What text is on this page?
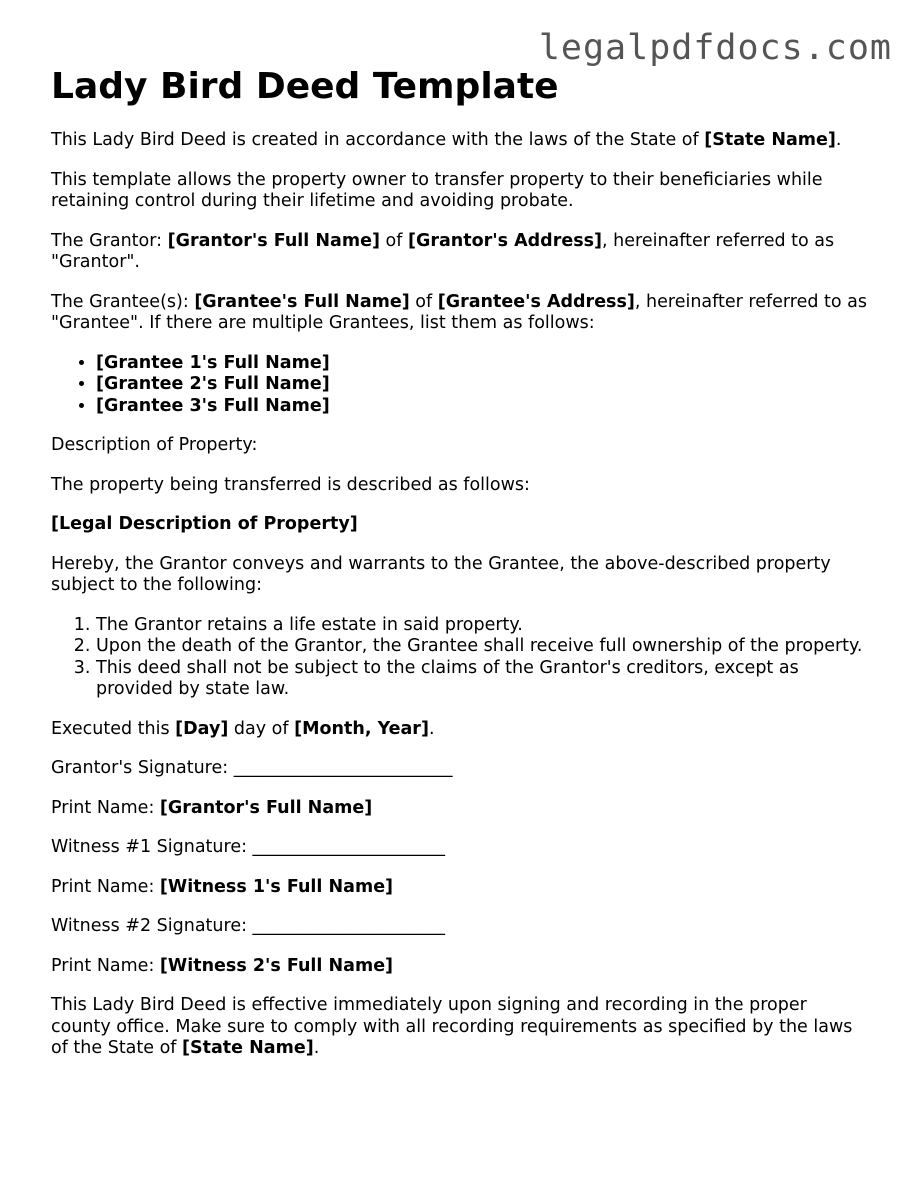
legalpdfdocs.com
Lady Bird Deed Template

This Lady Bird Deed is created in accordance with the laws of the State of [State Name].

This template allows the property owner to transfer property to their beneficiaries while retaining control during their lifetime and avoiding probate.

The Grantor: [Grantor's Full Name] of [Grantor's Address], hereinafter referred to as "Grantor".

The Grantee(s): [Grantee's Full Name] of [Grantee's Address], hereinafter referred to as "Grantee". If there are multiple Grantees, list them as follows:

• [Grantee 1's Full Name]
• [Grantee 2's Full Name]
• [Grantee 3's Full Name]

Description of Property:

The property being transferred is described as follows:

[Legal Description of Property]

Hereby, the Grantor conveys and warrants to the Grantee, the above-described property subject to the following:

1. The Grantor retains a life estate in said property.
2. Upon the death of the Grantor, the Grantee shall receive full ownership of the property.
3. This deed shall not be subject to the claims of the Grantor's creditors, except as provided by state law.

Executed this [Day] day of [Month, Year].

Grantor's Signature: _________________________

Print Name: [Grantor's Full Name]

Witness #1 Signature: ______________________

Print Name: [Witness 1's Full Name]

Witness #2 Signature: ______________________

Print Name: [Witness 2's Full Name]

This Lady Bird Deed is effective immediately upon signing and recording in the proper county office. Make sure to comply with all recording requirements as specified by the laws of the State of [State Name].
